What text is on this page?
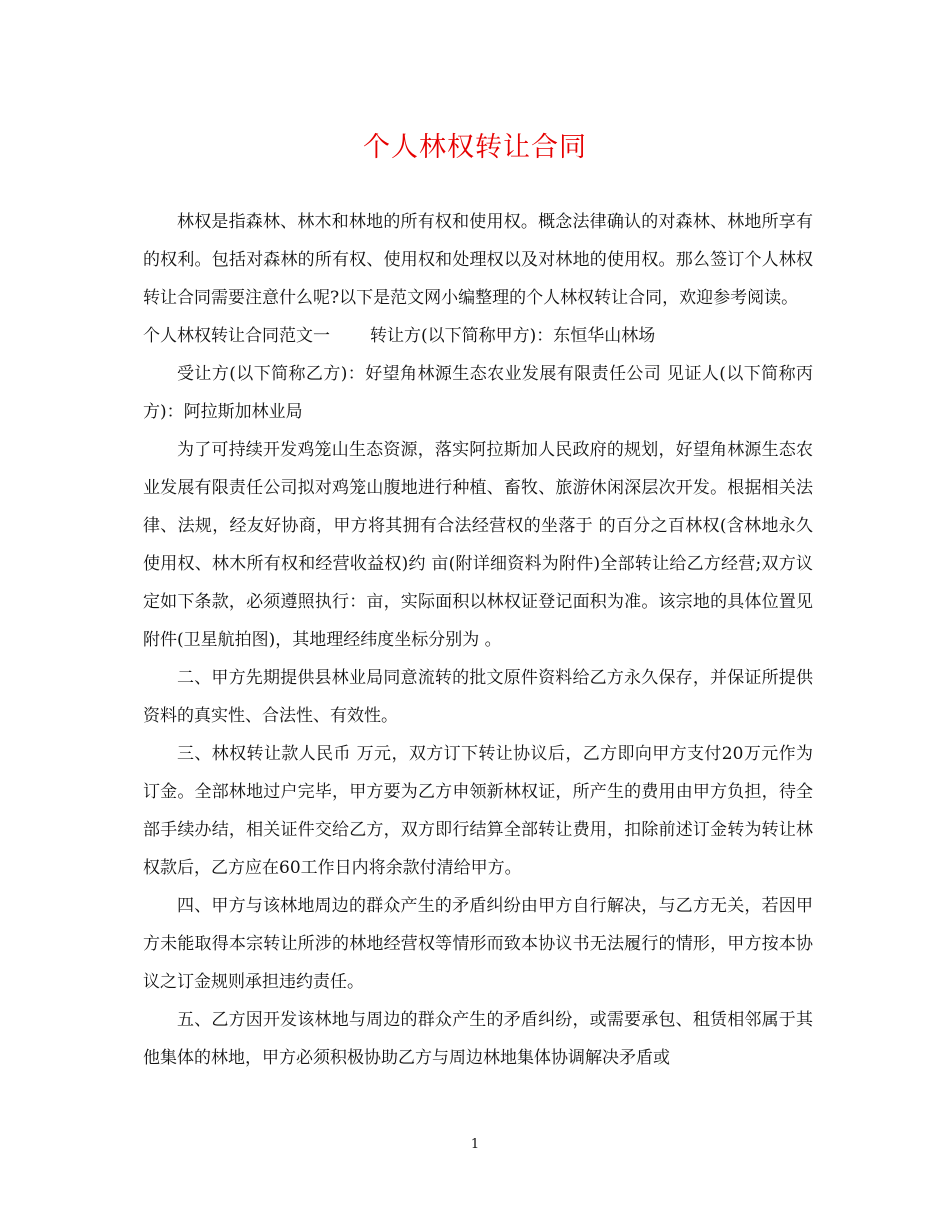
个人林权转让合同

林权是指森林、林木和林地的所有权和使用权。概念法律确认的对森林、林地所享有的权利。包括对森林的所有权、使用权和处理权以及对林地的使用权。那么签订个人林权转让合同需要注意什么呢?以下是范文网小编整理的个人林权转让合同，欢迎参考阅读。

个人林权转让合同范文一 转让方(以下简称甲方)：东恒华山林场

受让方(以下简称乙方)：好望角林源生态农业发展有限责任公司 见证人(以下简称丙方)：阿拉斯加林业局

为了可持续开发鸡笼山生态资源，落实阿拉斯加人民政府的规划，好望角林源生态农业发展有限责任公司拟对鸡笼山腹地进行种植、畜牧、旅游休闲深层次开发。根据相关法律、法规，经友好协商，甲方将其拥有合法经营权的坐落于 的百分之百林权(含林地永久使用权、林木所有权和经营收益权)约 亩(附详细资料为附件)全部转让给乙方经营;双方议定如下条款，必须遵照执行：亩，实际面积以林权证登记面积为准。该宗地的具体位置见附件(卫星航拍图)，其地理经纬度坐标分别为 。

二、甲方先期提供县林业局同意流转的批文原件资料给乙方永久保存，并保证所提供资料的真实性、合法性、有效性。

三、林权转让款人民币 万元，双方订下转让协议后，乙方即向甲方支付20万元作为订金。全部林地过户完毕，甲方要为乙方申领新林权证，所产生的费用由甲方负担，待全部手续办结，相关证件交给乙方，双方即行结算全部转让费用，扣除前述订金转为转让林权款后，乙方应在60工作日内将余款付清给甲方。

四、甲方与该林地周边的群众产生的矛盾纠纷由甲方自行解决，与乙方无关，若因甲方未能取得本宗转让所涉的林地经营权等情形而致本协议书无法履行的情形，甲方按本协议之订金规则承担违约责任。

五、乙方因开发该林地与周边的群众产生的矛盾纠纷，或需要承包、租赁相邻属于其他集体的林地，甲方必须积极协助乙方与周边林地集体协调解决矛盾或

1
